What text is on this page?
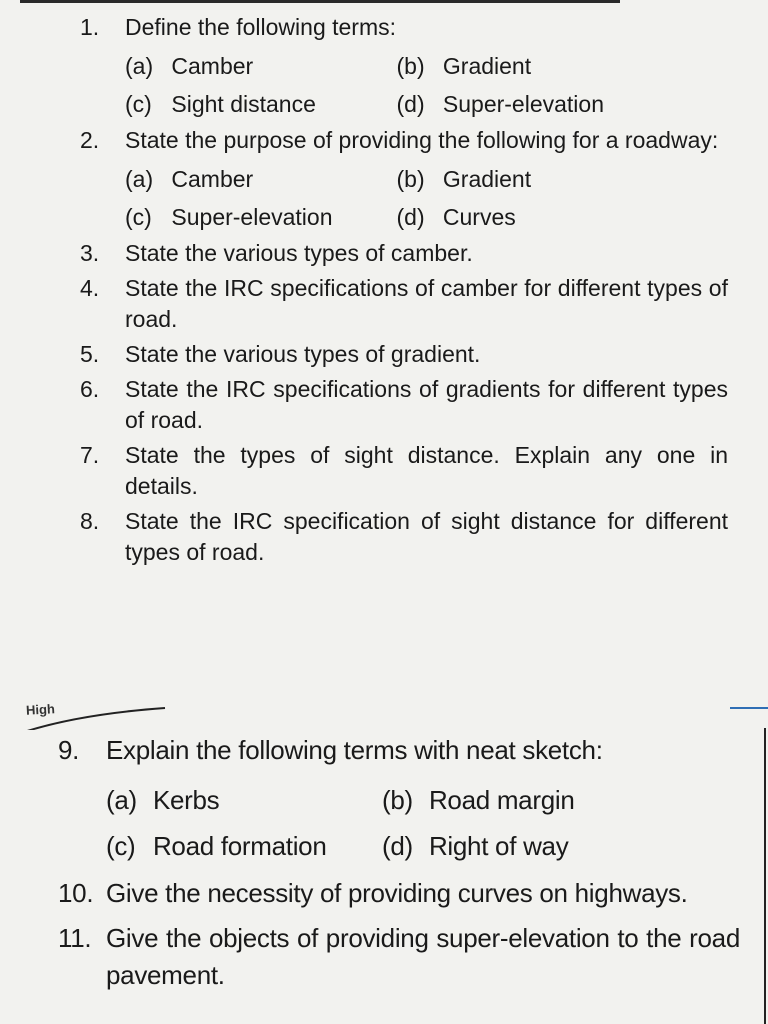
1.	Define the following terms:
(a) Camber	(b) Gradient
(c) Sight distance	(d) Super-elevation
2.	State the purpose of providing the following for a roadway:
(a) Camber	(b) Gradient
(c) Super-elevation	(d) Curves
3.	State the various types of camber.
4.	State the IRC specifications of camber for different types of road.
5.	State the various types of gradient.
6.	State the IRC specifications of gradients for different types of road.
7.	State the types of sight distance. Explain any one in details.
8.	State the IRC specification of sight distance for different types of road.
High
9.	Explain the following terms with neat sketch:
(a) Kerbs	(b) Road margin
(c) Road formation	(d) Right of way
10. Give the necessity of providing curves on highways.
11. Give the objects of providing super-elevation to the road pavement.
